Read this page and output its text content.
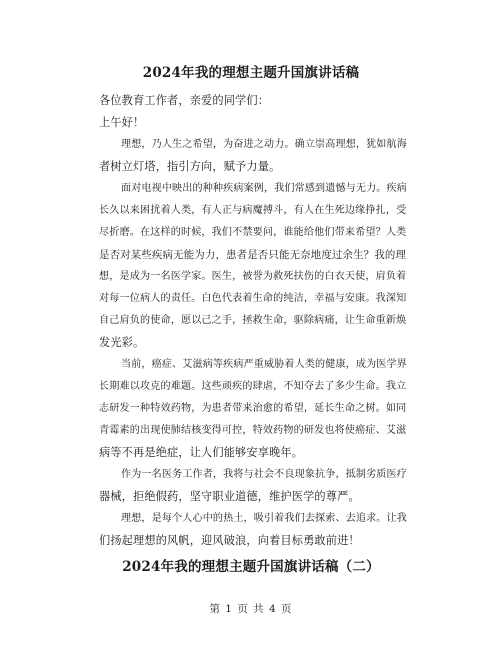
2024年我的理想主题升国旗讲话稿
各位教育工作者，亲爱的同学们：
上午好！
理想，乃人生之希望，为奋进之动力。确立崇高理想，犹如航海
者树立灯塔，指引方向，赋予力量。
面对电视中映出的种种疾病案例，我们常感到遗憾与无力。疾病
长久以来困扰着人类，有人正与病魔搏斗，有人在生死边缘挣扎，受
尽折磨。在这样的时候，我们不禁要问，谁能给他们带来希望？人类
是否对某些疾病无能为力，患者是否只能无奈地度过余生？我的理
想，是成为一名医学家。医生，被誉为救死扶伤的白衣天使，肩负着
对每一位病人的责任。白色代表着生命的纯洁，幸福与安康。我深知
自己肩负的使命，愿以己之手，拯救生命，驱除病痛，让生命重新焕
发光彩。
当前，癌症、艾滋病等疾病严重威胁着人类的健康，成为医学界
长期难以攻克的难题。这些顽疾的肆虐，不知夺去了多少生命。我立
志研发一种特效药物，为患者带来治愈的希望，延长生命之树。如同
青霉素的出现使肺结核变得可控，特效药物的研发也将使癌症、艾滋
病等不再是绝症，让人们能够安享晚年。
作为一名医务工作者，我将与社会不良现象抗争，抵制劣质医疗
器械，拒绝假药，坚守职业道德，维护医学的尊严。
理想，是每个人心中的热土，吸引着我们去探索、去追求。让我
们扬起理想的风帆，迎风破浪，向着目标勇敢前进！
2024年我的理想主题升国旗讲话稿（二）
第 1 页 共 4 页
